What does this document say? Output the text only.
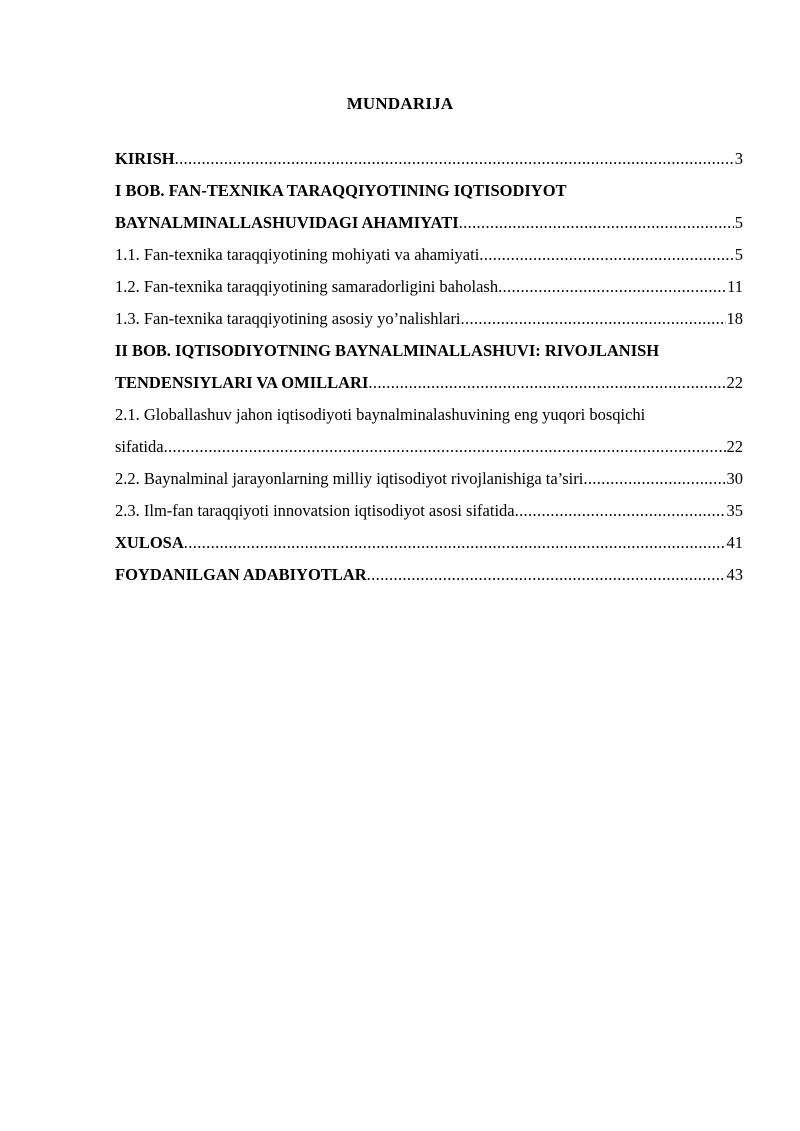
MUNDARIJA
KIRISH .....	3
I BOB. FAN-TEXNIKA TARAQQIYOTINING IQTISODIYOT
BAYNALMINALLASHUVIDAGI AHAMIYATI .....	5
1.1. Fan-texnika taraqqiyotining mohiyati va ahamiyati .....	5
1.2. Fan-texnika taraqqiyotining samaradorligini baholash .....	11
1.3. Fan-texnika taraqqiyotining asosiy yo’nalishlari .....	18
II BOB. IQTISODIYOTNING BAYNALMINALLASHUVI: RIVOJLANISH
TENDENSIYLARI VA OMILLARI .....	22
2.1. Globallashuv jahon iqtisodiyoti baynalminalashuvining eng yuqori bosqichi
sifatida .....	22
2.2. Baynalminal jarayonlarning milliy iqtisodiyot rivojlanishiga ta’siri .....	30
2.3. Ilm-fan taraqqiyoti innovatsion iqtisodiyot asosi sifatida .....	35
XULOSA .....	41
FOYDANILGAN ADABIYOTLAR .....	43
